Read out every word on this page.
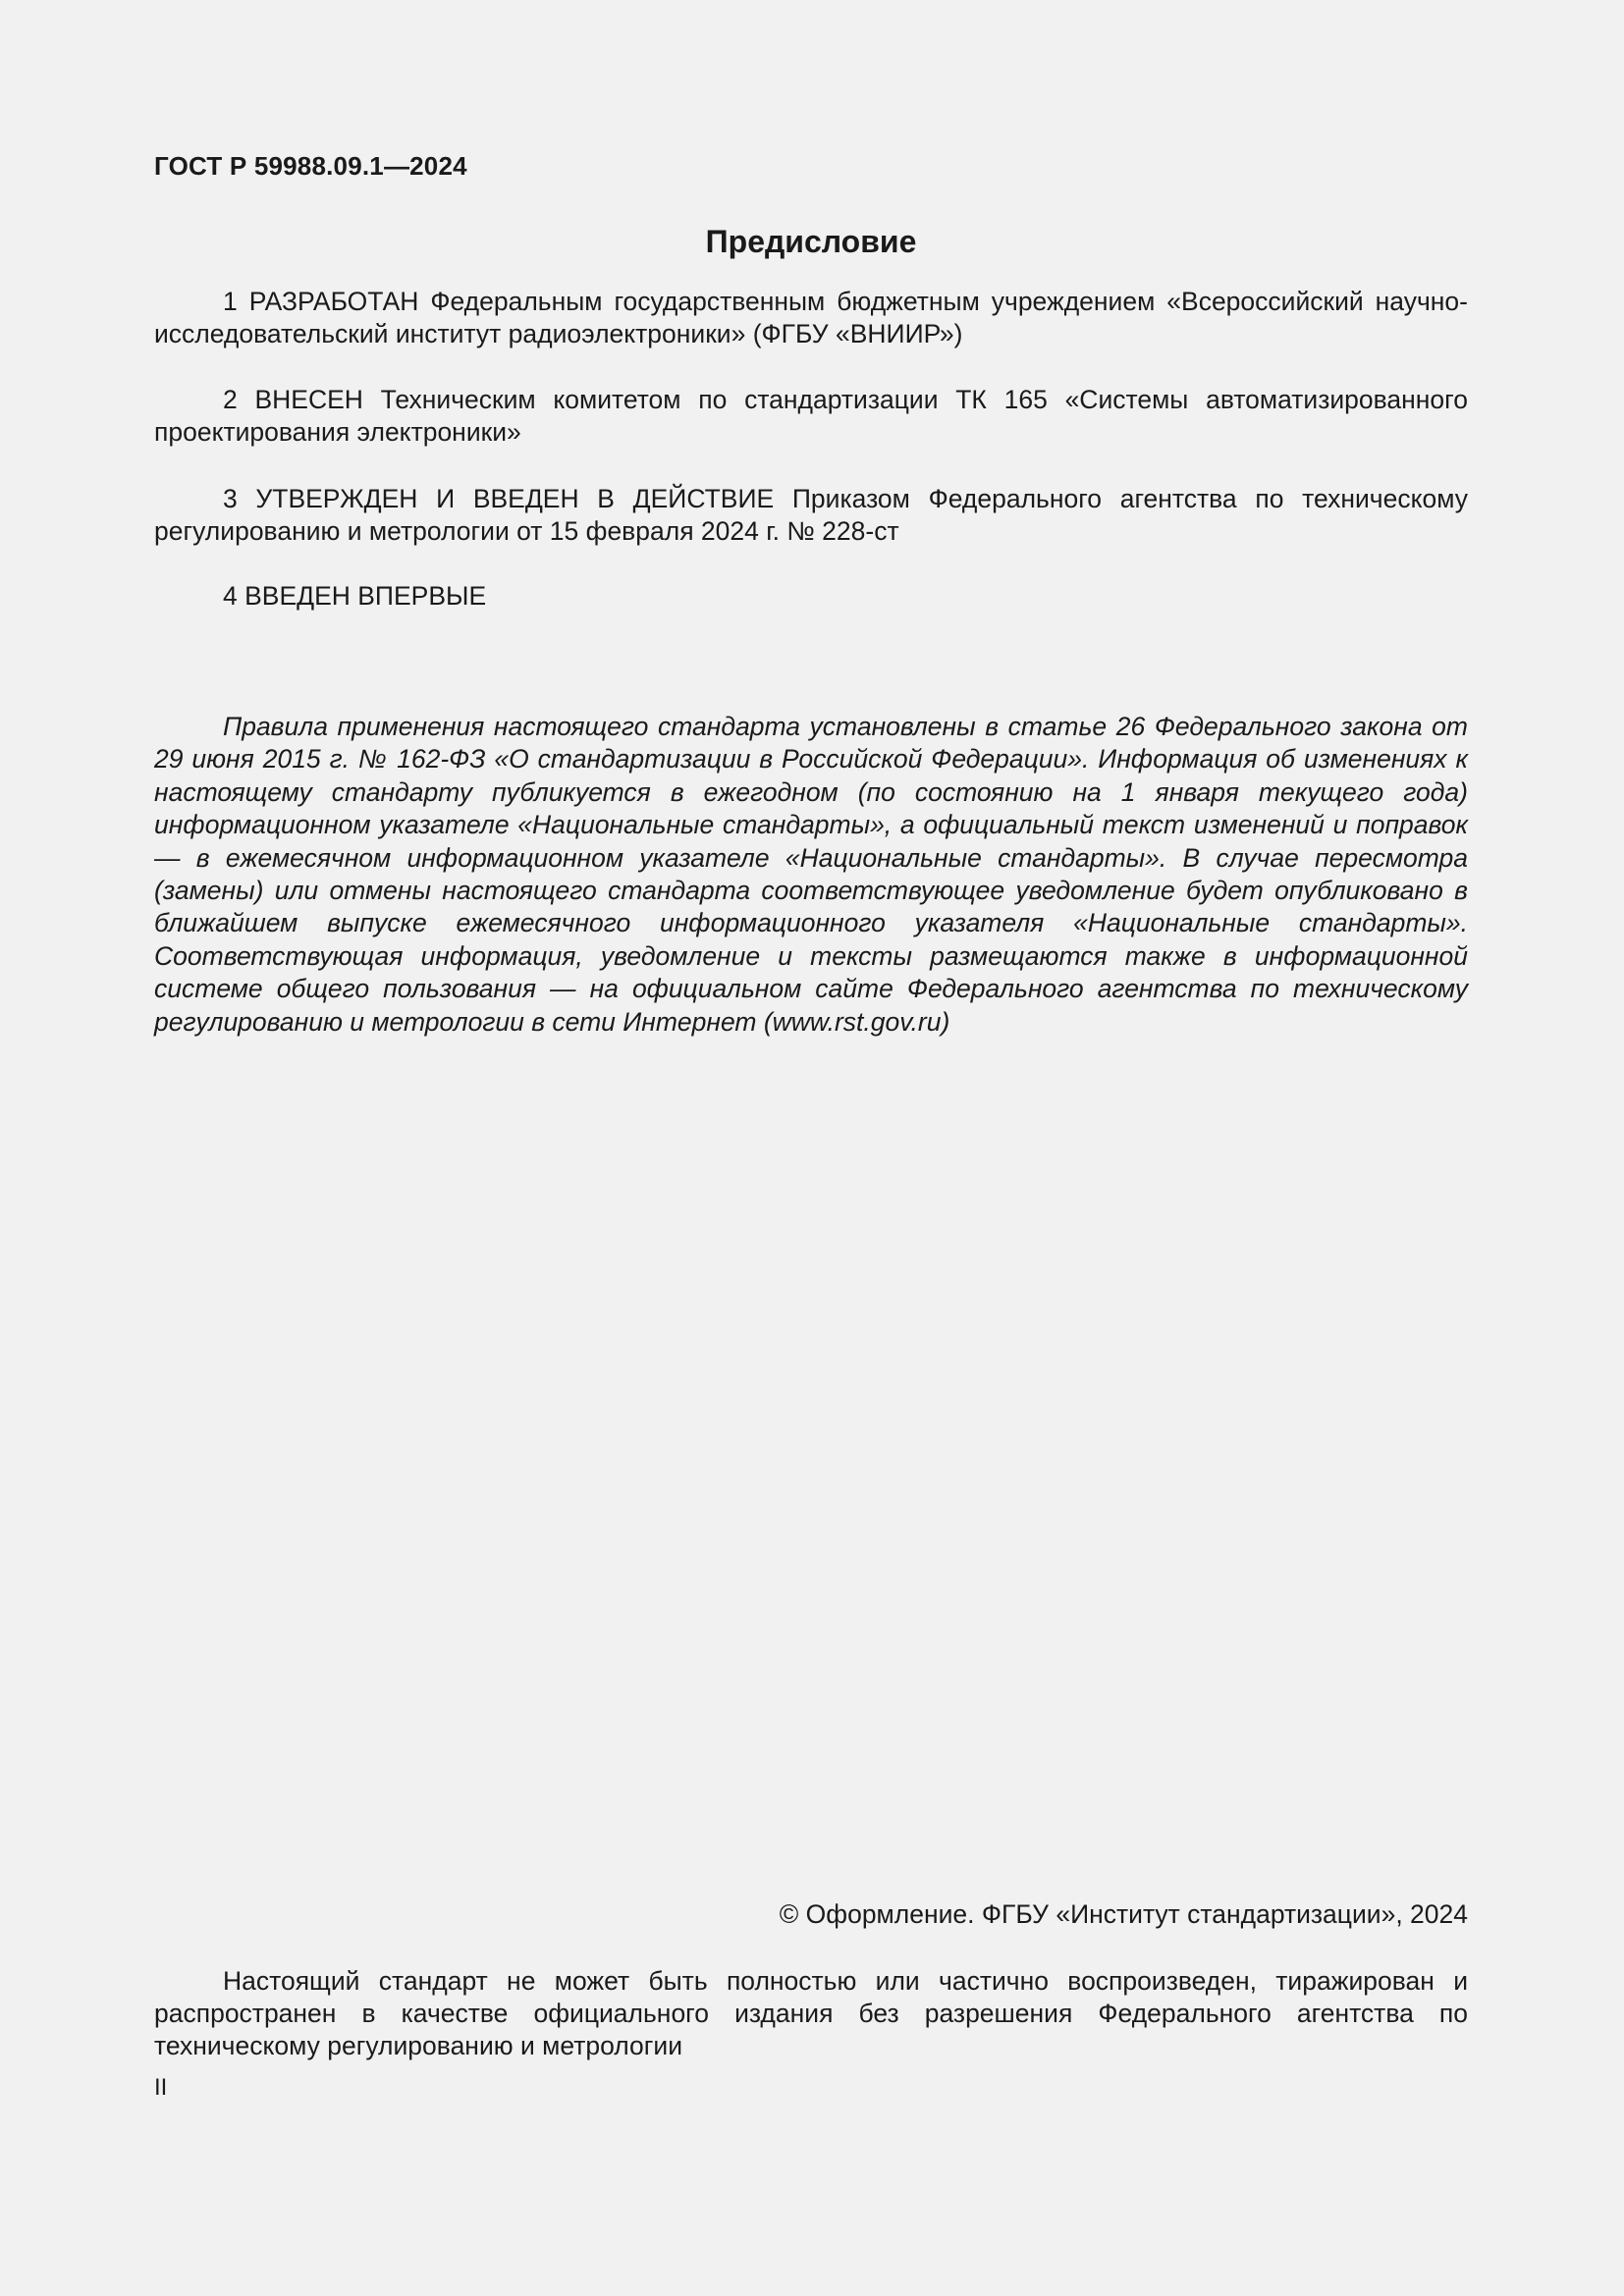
ГОСТ Р 59988.09.1—2024
Предисловие

1 РАЗРАБОТАН Федеральным государственным бюджетным учреждением «Всероссийский научно-исследовательский институт радиоэлектроники» (ФГБУ «ВНИИР»)

2 ВНЕСЕН Техническим комитетом по стандартизации ТК 165 «Системы автоматизированного проектирования электроники»

3 УТВЕРЖДЕН И ВВЕДЕН В ДЕЙСТВИЕ Приказом Федерального агентства по техническому регулированию и метрологии от 15 февраля 2024 г. № 228-ст

4 ВВЕДЕН ВПЕРВЫЕ

Правила применения настоящего стандарта установлены в статье 26 Федерального закона от 29 июня 2015 г. № 162-ФЗ «О стандартизации в Российской Федерации». Информация об изменениях к настоящему стандарту публикуется в ежегодном (по состоянию на 1 января текущего года) информационном указателе «Национальные стандарты», а официальный текст изменений и поправок — в ежемесячном информационном указателе «Национальные стандарты». В случае пересмотра (замены) или отмены настоящего стандарта соответствующее уведомление будет опубликовано в ближайшем выпуске ежемесячного информационного указателя «Национальные стандарты». Соответствующая информация, уведомление и тексты размещаются также в информационной системе общего пользования — на официальном сайте Федерального агентства по техническому регулированию и метрологии в сети Интернет (www.rst.gov.ru)

© Оформление. ФГБУ «Институт стандартизации», 2024

Настоящий стандарт не может быть полностью или частично воспроизведен, тиражирован и распространен в качестве официального издания без разрешения Федерального агентства по техническому регулированию и метрологии

II
